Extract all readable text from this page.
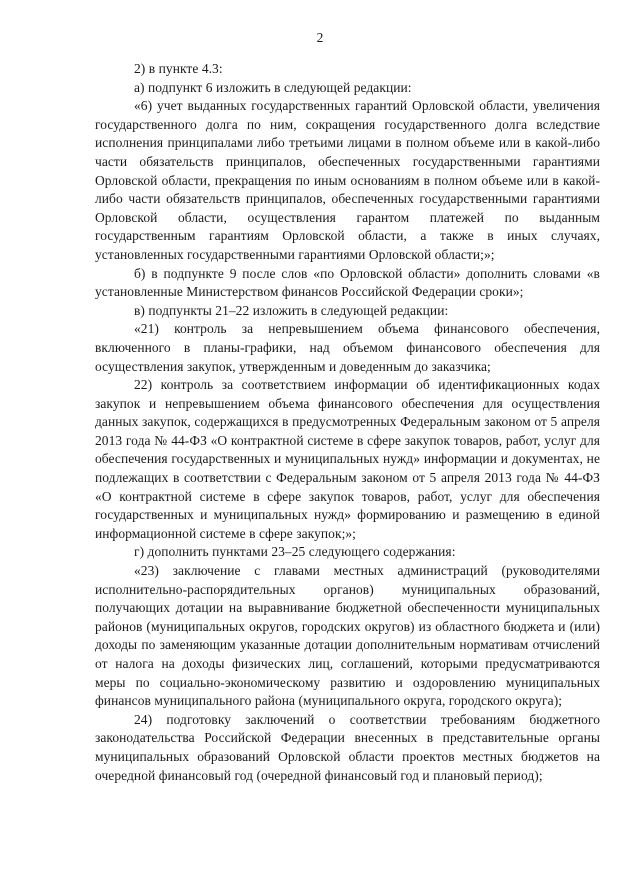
2

2) в пункте 4.3:

а) подпункт 6 изложить в следующей редакции:

«6) учет выданных государственных гарантий Орловской области, увеличения государственного долга по ним, сокращения государственного долга вследствие исполнения принципалами либо третьими лицами в полном объеме или в какой-либо части обязательств принципалов, обеспеченных государственными гарантиями Орловской области, прекращения по иным основаниям в полном объеме или в какой-либо части обязательств принципалов, обеспеченных государственными гарантиями Орловской области, осуществления гарантом платежей по выданным государственным гарантиям Орловской области, а также в иных случаях, установленных государственными гарантиями Орловской области;»;

б) в подпункте 9 после слов «по Орловской области» дополнить словами «в установленные Министерством финансов Российской Федерации сроки»;

в) подпункты 21–22 изложить в следующей редакции:

«21) контроль за непревышением объема финансового обеспечения, включенного в планы-графики, над объемом финансового обеспечения для осуществления закупок, утвержденным и доведенным до заказчика;

22) контроль за соответствием информации об идентификационных кодах закупок и непревышением объема финансового обеспечения для осуществления данных закупок, содержащихся в предусмотренных Федеральным законом от 5 апреля 2013 года № 44-ФЗ «О контрактной системе в сфере закупок товаров, работ, услуг для обеспечения государственных и муниципальных нужд» информации и документах, не подлежащих в соответствии с Федеральным законом от 5 апреля 2013 года № 44-ФЗ «О контрактной системе в сфере закупок товаров, работ, услуг для обеспечения государственных и муниципальных нужд» формированию и размещению в единой информационной системе в сфере закупок;»;

г) дополнить пунктами 23–25 следующего содержания:

«23) заключение с главами местных администраций (руководителями исполнительно-распорядительных органов) муниципальных образований, получающих дотации на выравнивание бюджетной обеспеченности муниципальных районов (муниципальных округов, городских округов) из областного бюджета и (или) доходы по заменяющим указанные дотации дополнительным нормативам отчислений от налога на доходы физических лиц, соглашений, которыми предусматриваются меры по социально-экономическому развитию и оздоровлению муниципальных финансов муниципального района (муниципального округа, городского округа);

24) подготовку заключений о соответствии требованиям бюджетного законодательства Российской Федерации внесенных в представительные органы муниципальных образований Орловской области проектов местных бюджетов на очередной финансовый год (очередной финансовый год и плановый период);
